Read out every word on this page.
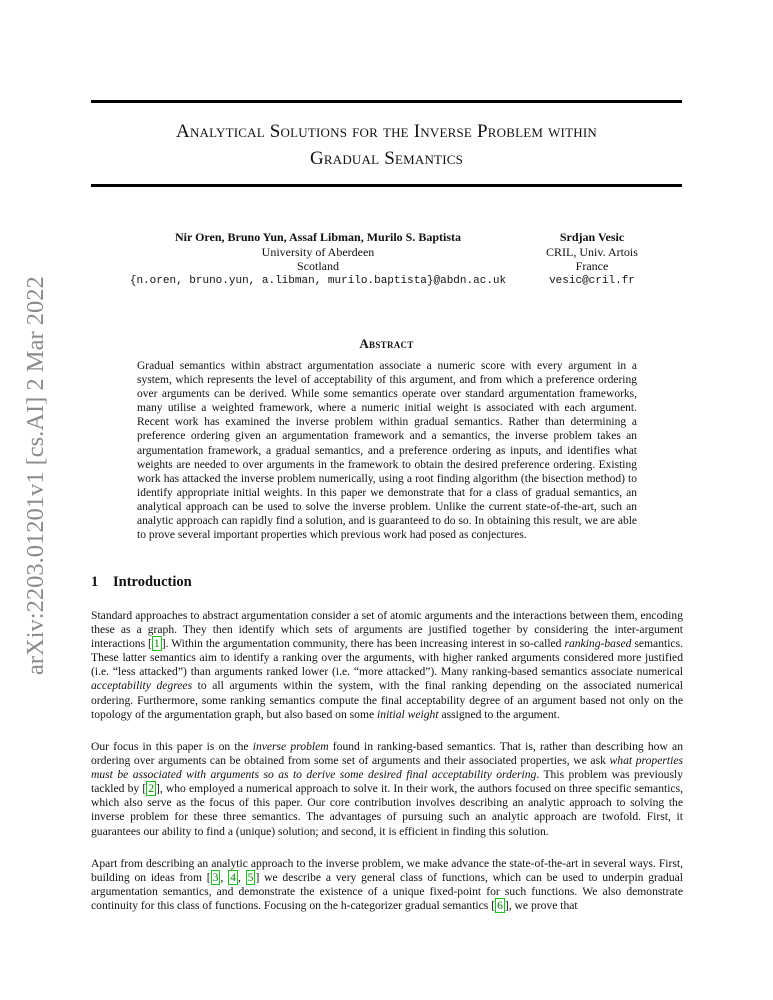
arXiv:2203.01201v1 [cs.AI] 2 Mar 2022
Analytical Solutions for the Inverse Problem within
Gradual Semantics
Nir Oren, Bruno Yun, Assaf Libman, Murilo S. Baptista
University of Aberdeen
Scotland
{n.oren, bruno.yun, a.libman, murilo.baptista}@abdn.ac.uk
Srdjan Vesic
CRIL, Univ. Artois
France
vesic@cril.fr
Abstract
Gradual semantics within abstract argumentation associate a numeric score with every argument in a system, which represents the level of acceptability of this argument, and from which a preference ordering over arguments can be derived. While some semantics operate over standard argumentation frameworks, many utilise a weighted framework, where a numeric initial weight is associated with each argument. Recent work has examined the inverse problem within gradual semantics. Rather than determining a preference ordering given an argumentation framework and a semantics, the inverse problem takes an argumentation framework, a gradual semantics, and a preference ordering as inputs, and identifies what weights are needed to over arguments in the framework to obtain the desired preference ordering. Existing work has attacked the inverse problem numerically, using a root finding algorithm (the bisection method) to identify appropriate initial weights. In this paper we demonstrate that for a class of gradual semantics, an analytical approach can be used to solve the inverse problem. Unlike the current state-of-the-art, such an analytic approach can rapidly find a solution, and is guaranteed to do so. In obtaining this result, we are able to prove several important properties which previous work had posed as conjectures.
1 Introduction
Standard approaches to abstract argumentation consider a set of atomic arguments and the interactions between them, encoding these as a graph. They then identify which sets of arguments are justified together by considering the inter-argument interactions [ 1 ]. Within the argumentation community, there has been increasing interest in so-called ranking-based semantics. These latter semantics aim to identify a ranking over the arguments, with higher ranked arguments considered more justified (i.e. “less attacked”) than arguments ranked lower (i.e. “more attacked”). Many ranking-based semantics associate numerical acceptability degrees to all arguments within the system, with the final ranking depending on the associated numerical ordering. Furthermore, some ranking semantics compute the final acceptability degree of an argument based not only on the topology of the argumentation graph, but also based on some initial weight assigned to the argument.
Our focus in this paper is on the inverse problem found in ranking-based semantics. That is, rather than describing how an ordering over arguments can be obtained from some set of arguments and their associated properties, we ask what properties must be associated with arguments so as to derive some desired final acceptability ordering. This problem was previously tackled by [ 2 ], who employed a numerical approach to solve it. In their work, the authors focused on three specific semantics, which also serve as the focus of this paper. Our core contribution involves describing an analytic approach to solving the inverse problem for these three semantics. The advantages of pursuing such an analytic approach are twofold. First, it guarantees our ability to find a (unique) solution; and second, it is efficient in finding this solution.
Apart from describing an analytic approach to the inverse problem, we make advance the state-of-the-art in several ways. First, building on ideas from [ 3 , 4 , 5 ] we describe a very general class of functions, which can be used to underpin gradual argumentation semantics, and demonstrate the existence of a unique fixed-point for such functions. We also demonstrate continuity for this class of functions. Focusing on the h-categorizer gradual semantics [ 6 ], we prove that
